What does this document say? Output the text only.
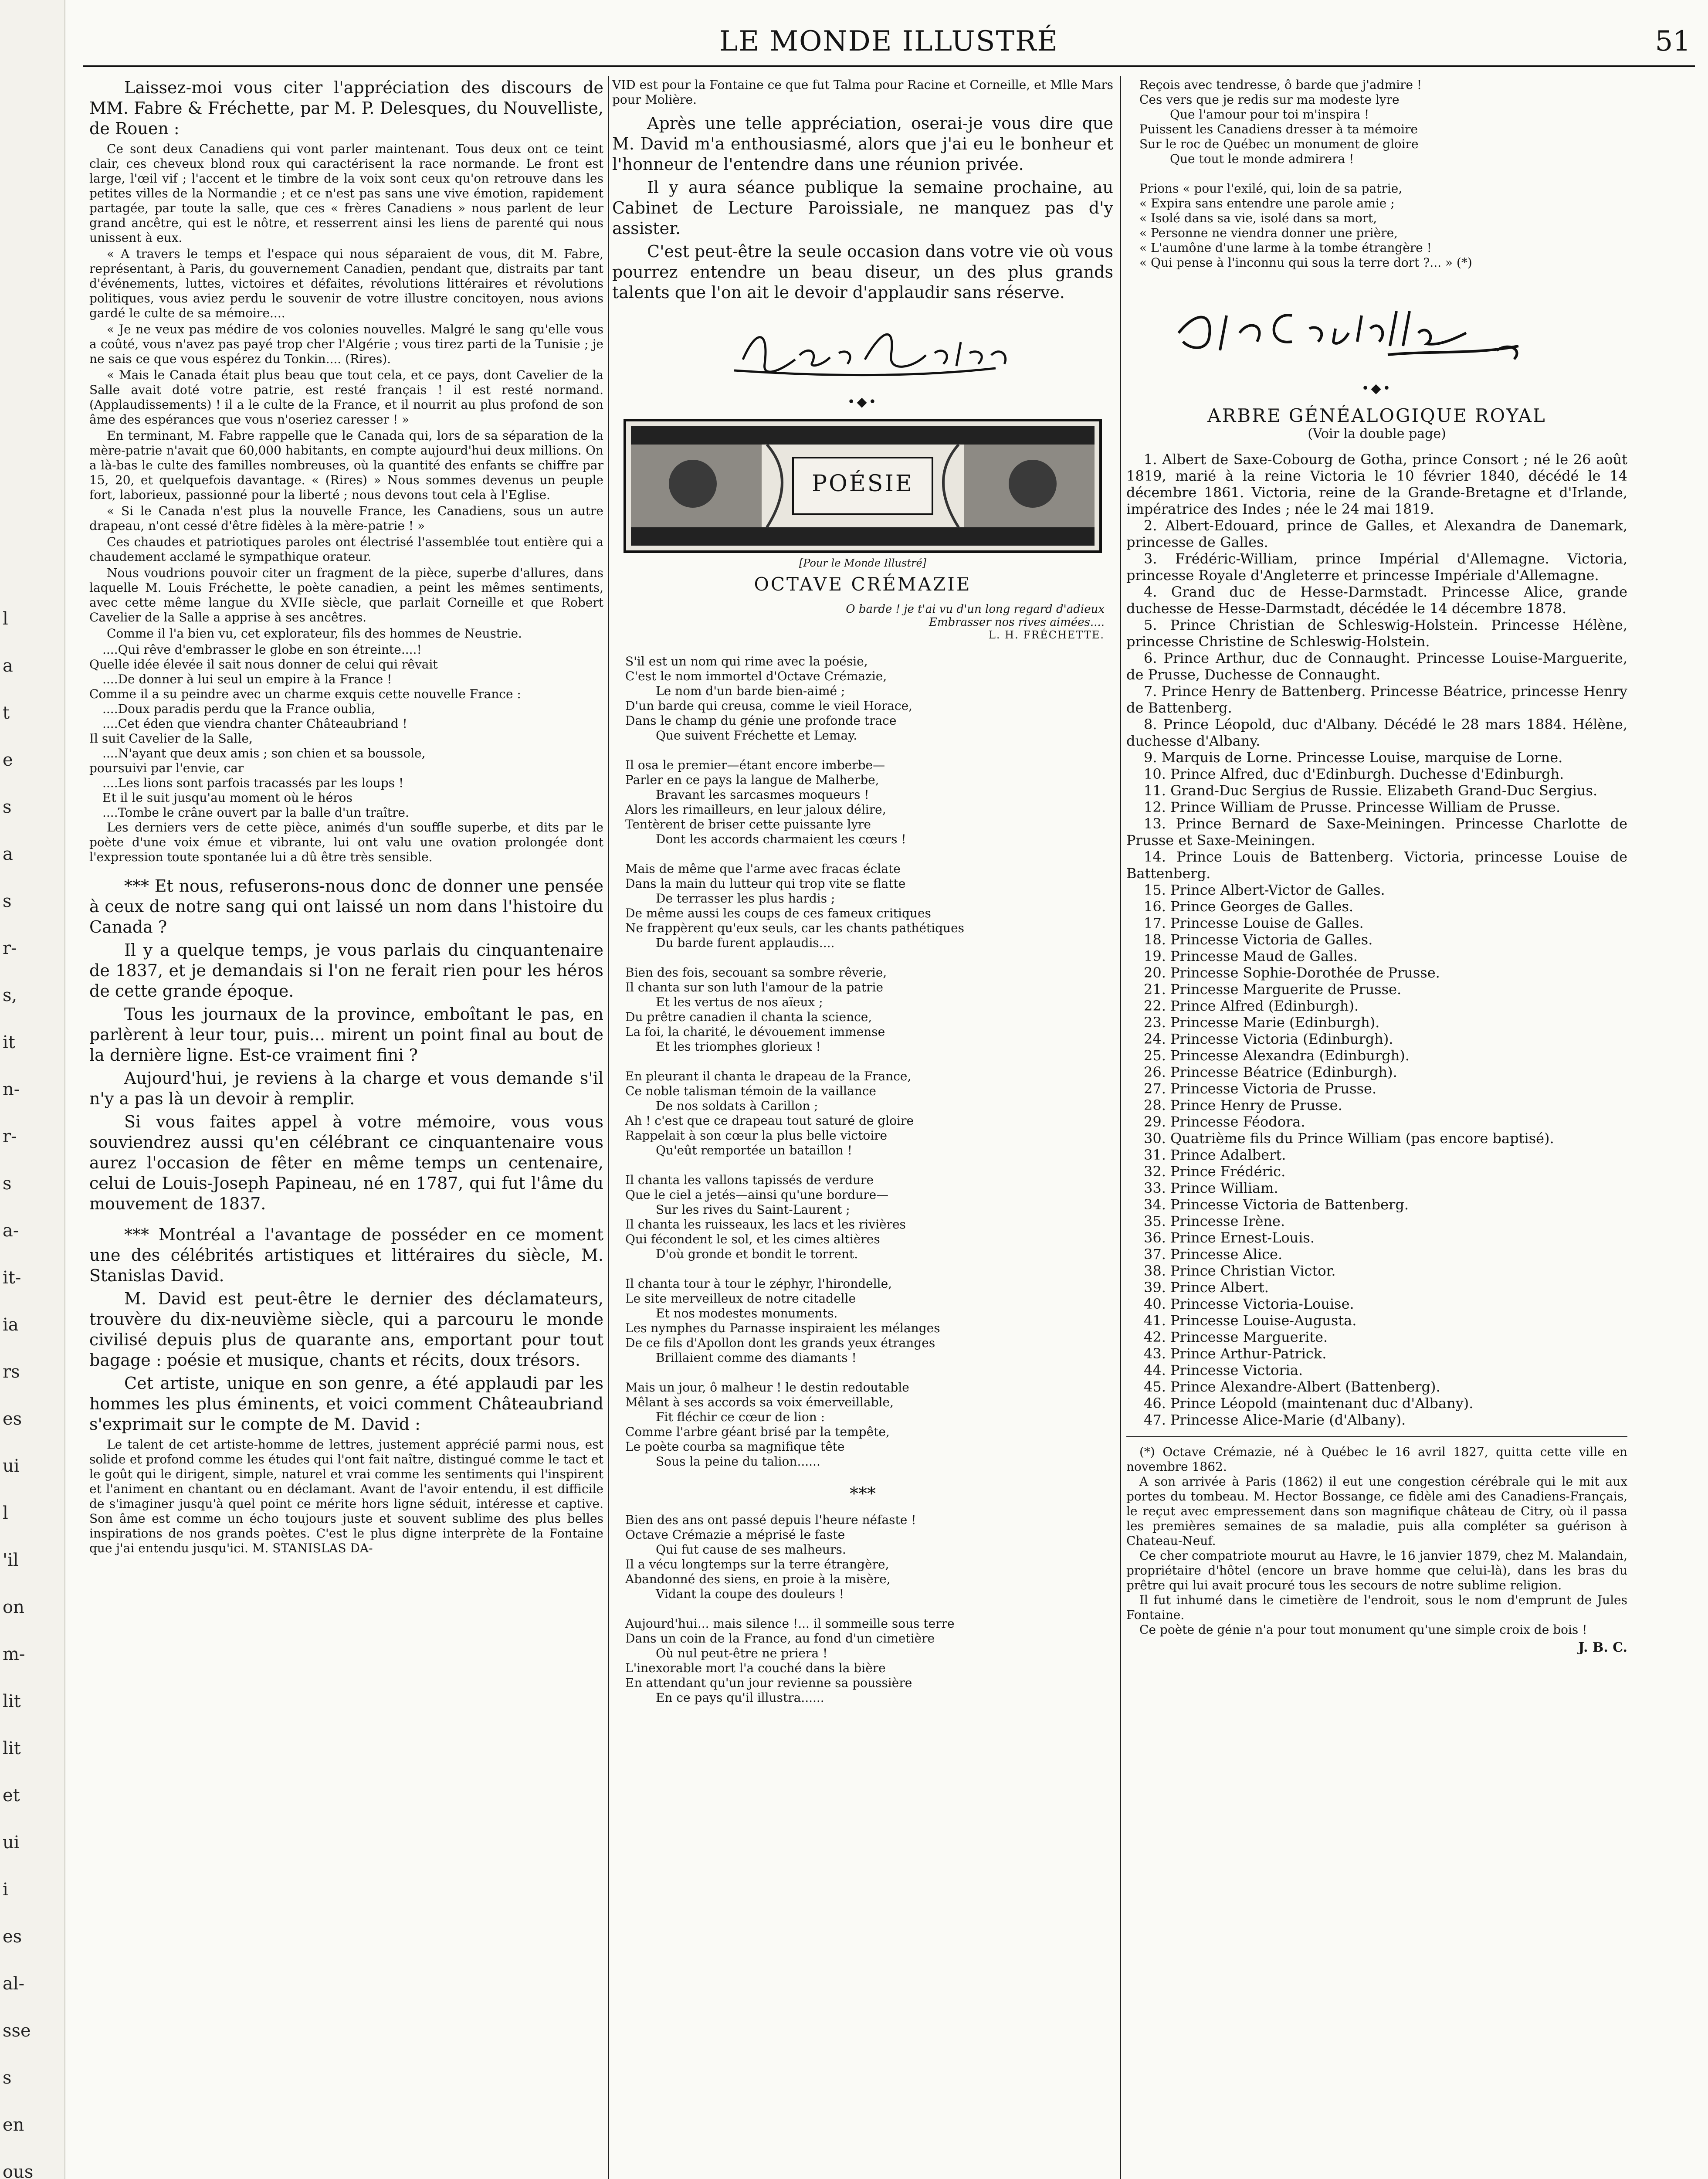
l
a
t
e
s
a
s
r-
s,
it
n-
r-
s
a-
it-
ia
rs
es
ui
l
'il
on
m-
lit
lit
et
ui
i
es
al-
sse
s
en
ous
LE MONDE ILLUSTRÉ	51

Laissez-moi vous citer l'appréciation des discours de MM. Fabre & Fréchette, par M. P. Delesques, du Nouvelliste, de Rouen :

Ce sont deux Canadiens qui vont parler maintenant. Tous deux ont ce teint clair, ces cheveux blond roux qui caractérisent la race normande. Le front est large, l'œil vif ; l'accent et le timbre de la voix sont ceux qu'on retrouve dans les petites villes de la Normandie ; et ce n'est pas sans une vive émotion, rapidement partagée, par toute la salle, que ces « frères Canadiens » nous parlent de leur grand ancêtre, qui est le nôtre, et resserrent ainsi les liens de parenté qui nous unissent à eux.

« A travers le temps et l'espace qui nous séparaient de vous, dit M. Fabre, représentant, à Paris, du gouvernement Canadien, pendant que, distraits par tant d'événements, luttes, victoires et défaites, révolutions littéraires et révolutions politiques, vous aviez perdu le souvenir de votre illustre concitoyen, nous avions gardé le culte de sa mémoire....

« Je ne veux pas médire de vos colonies nouvelles. Malgré le sang qu'elle vous a coûté, vous n'avez pas payé trop cher l'Algérie ; vous tirez parti de la Tunisie ; je ne sais ce que vous espérez du Tonkin.... (Rires).

« Mais le Canada était plus beau que tout cela, et ce pays, dont Cavelier de la Salle avait doté votre patrie, est resté français ! il est resté normand. (Applaudissements) ! il a le culte de la France, et il nourrit au plus profond de son âme des espérances que vous n'oseriez caresser ! »

En terminant, M. Fabre rappelle que le Canada qui, lors de sa séparation de la mère-patrie n'avait que 60,000 habitants, en compte aujourd'hui deux millions. On a là-bas le culte des familles nombreuses, où la quantité des enfants se chiffre par 15, 20, et quelquefois davantage. « (Rires) » Nous sommes devenus un peuple fort, laborieux, passionné pour la liberté ; nous devons tout cela à l'Eglise.

« Si le Canada n'est plus la nouvelle France, les Canadiens, sous un autre drapeau, n'ont cessé d'être fidèles à la mère-patrie ! »

Ces chaudes et patriotiques paroles ont électrisé l'assemblée tout entière qui a chaudement acclamé le sympathique orateur.

Nous voudrions pouvoir citer un fragment de la pièce, superbe d'allures, dans laquelle M. Louis Fréchette, le poète canadien, a peint les mêmes sentiments, avec cette même langue du XVIIe siècle, que parlait Corneille et que Robert Cavelier de la Salle a apprise à ses ancêtres.

Comme il l'a bien vu, cet explorateur, fils des hommes de Neustrie.

....Qui rêve d'embrasser le globe en son étreinte....!
Quelle idée élevée il sait nous donner de celui qui rêvait
....De donner à lui seul un empire à la France !
Comme il a su peindre avec un charme exquis cette nouvelle France :
....Doux paradis perdu que la France oublia,
....Cet éden que viendra chanter Châteaubriand !
Il suit Cavelier de la Salle,
....N'ayant que deux amis ; son chien et sa boussole,
poursuivi par l'envie, car
....Les lions sont parfois tracassés par les loups !
Et il le suit jusqu'au moment où le héros
....Tombe le crâne ouvert par la balle d'un traître.

Les derniers vers de cette pièce, animés d'un souffle superbe, et dits par le poète d'une voix émue et vibrante, lui ont valu une ovation prolongée dont l'expression toute spontanée lui a dû être très sensible.

*** Et nous, refuserons-nous donc de donner une pensée à ceux de notre sang qui ont laissé un nom dans l'histoire du Canada ?

Il y a quelque temps, je vous parlais du cinquantenaire de 1837, et je demandais si l'on ne ferait rien pour les héros de cette grande époque.

Tous les journaux de la province, emboîtant le pas, en parlèrent à leur tour, puis... mirent un point final au bout de la dernière ligne. Est-ce vraiment fini ?

Aujourd'hui, je reviens à la charge et vous demande s'il n'y a pas là un devoir à remplir.

Si vous faites appel à votre mémoire, vous vous souviendrez aussi qu'en célébrant ce cinquantenaire vous aurez l'occasion de fêter en même temps un centenaire, celui de Louis-Joseph Papineau, né en 1787, qui fut l'âme du mouvement de 1837.

*** Montréal a l'avantage de posséder en ce moment une des célébrités artistiques et littéraires du siècle, M. Stanislas David.

M. David est peut-être le dernier des déclamateurs, trouvère du dix-neuvième siècle, qui a parcouru le monde civilisé depuis plus de quarante ans, emportant pour tout bagage : poésie et musique, chants et récits, doux trésors.

Cet artiste, unique en son genre, a été applaudi par les hommes les plus éminents, et voici comment Châteaubriand s'exprimait sur le compte de M. David :

Le talent de cet artiste-homme de lettres, justement apprécié parmi nous, est solide et profond comme les études qui l'ont fait naître, distingué comme le tact et le goût qui le dirigent, simple, naturel et vrai comme les sentiments qui l'inspirent et l'animent en chantant ou en déclamant. Avant de l'avoir entendu, il est difficile de s'imaginer jusqu'à quel point ce mérite hors ligne séduit, intéresse et captive. Son âme est comme un écho toujours juste et souvent sublime des plus belles inspirations de nos grands poètes. C'est le plus digne interprète de la Fontaine que j'ai entendu jusqu'ici. M. STANISLAS DA-

VID est pour la Fontaine ce que fut Talma pour Racine et Corneille, et Mlle Mars pour Molière.

Après une telle appréciation, oserai-je vous dire que M. David m'a enthousiasmé, alors que j'ai eu le bonheur et l'honneur de l'entendre dans une réunion privée.

Il y aura séance publique la semaine prochaine, au Cabinet de Lecture Paroissiale, ne manquez pas d'y assister.

C'est peut-être la seule occasion dans votre vie où vous pourrez entendre un beau diseur, un des plus grands talents que l'on ait le devoir d'applaudir sans réserve.

•◆•
POÉSIE
[Pour le Monde Illustré]
OCTAVE CRÉMAZIE
O barde ! je t'ai vu d'un long regard d'adieux
Embrasser nos rives aimées....
L. H. FRÉCHETTE.
S'il est un nom qui rime avec la poésie,
C'est le nom immortel d'Octave Crémazie,
Le nom d'un barde bien-aimé ;
D'un barde qui creusa, comme le vieil Horace,
Dans le champ du génie une profonde trace
Que suivent Fréchette et Lemay.
Il osa le premier—étant encore imberbe—
Parler en ce pays la langue de Malherbe,
Bravant les sarcasmes moqueurs !
Alors les rimailleurs, en leur jaloux délire,
Tentèrent de briser cette puissante lyre
Dont les accords charmaient les cœurs !
Mais de même que l'arme avec fracas éclate
Dans la main du lutteur qui trop vite se flatte
De terrasser les plus hardis ;
De même aussi les coups de ces fameux critiques
Ne frappèrent qu'eux seuls, car les chants pathétiques
Du barde furent applaudis....
Bien des fois, secouant sa sombre rêverie,
Il chanta sur son luth l'amour de la patrie
Et les vertus de nos aïeux ;
Du prêtre canadien il chanta la science,
La foi, la charité, le dévouement immense
Et les triomphes glorieux !
En pleurant il chanta le drapeau de la France,
Ce noble talisman témoin de la vaillance
De nos soldats à Carillon ;
Ah ! c'est que ce drapeau tout saturé de gloire
Rappelait à son cœur la plus belle victoire
Qu'eût remportée un bataillon !
Il chanta les vallons tapissés de verdure
Que le ciel a jetés—ainsi qu'une bordure—
Sur les rives du Saint-Laurent ;
Il chanta les ruisseaux, les lacs et les rivières
Qui fécondent le sol, et les cimes altières
D'où gronde et bondit le torrent.
Il chanta tour à tour le zéphyr, l'hirondelle,
Le site merveilleux de notre citadelle
Et nos modestes monuments.
Les nymphes du Parnasse inspiraient les mélanges
De ce fils d'Apollon dont les grands yeux étranges
Brillaient comme des diamants !
Mais un jour, ô malheur ! le destin redoutable
Mêlant à ses accords sa voix émerveillable,
Fit fléchir ce cœur de lion :
Comme l'arbre géant brisé par la tempête,
Le poète courba sa magnifique tête
Sous la peine du talion......
***
Bien des ans ont passé depuis l'heure néfaste !
Octave Crémazie a méprisé le faste
Qui fut cause de ses malheurs.
Il a vécu longtemps sur la terre étrangère,
Abandonné des siens, en proie à la misère,
Vidant la coupe des douleurs !
Aujourd'hui... mais silence !... il sommeille sous terre
Dans un coin de la France, au fond d'un cimetière
Où nul peut-être ne priera !
L'inexorable mort l'a couché dans la bière
En attendant qu'un jour revienne sa poussière
En ce pays qu'il illustra......
Reçois avec tendresse, ô barde que j'admire !
Ces vers que je redis sur ma modeste lyre
Que l'amour pour toi m'inspira !
Puissent les Canadiens dresser à ta mémoire
Sur le roc de Québec un monument de gloire
Que tout le monde admirera !
Prions « pour l'exilé, qui, loin de sa patrie,
« Expira sans entendre une parole amie ;
« Isolé dans sa vie, isolé dans sa mort,
« Personne ne viendra donner une prière,
« L'aumône d'une larme à la tombe étrangère !
« Qui pense à l'inconnu qui sous la terre dort ?... » (*)
•◆•
ARBRE GÉNÉALOGIQUE ROYAL
(Voir la double page)

1. Albert de Saxe-Cobourg de Gotha, prince Consort ; né le 26 août 1819, marié à la reine Victoria le 10 février 1840, décédé le 14 décembre 1861. Victoria, reine de la Grande-Bretagne et d'Irlande, impératrice des Indes ; née le 24 mai 1819.

2. Albert-Edouard, prince de Galles, et Alexandra de Danemark, princesse de Galles.

3. Frédéric-William, prince Impérial d'Allemagne. Victoria, princesse Royale d'Angleterre et princesse Impériale d'Allemagne.

4. Grand duc de Hesse-Darmstadt. Princesse Alice, grande duchesse de Hesse-Darmstadt, décédée le 14 décembre 1878.

5. Prince Christian de Schleswig-Holstein. Princesse Hélène, princesse Christine de Schleswig-Holstein.

6. Prince Arthur, duc de Connaught. Princesse Louise-Marguerite, de Prusse, Duchesse de Connaught.

7. Prince Henry de Battenberg. Princesse Béatrice, princesse Henry de Battenberg.

8. Prince Léopold, duc d'Albany. Décédé le 28 mars 1884. Hélène, duchesse d'Albany.

9. Marquis de Lorne. Princesse Louise, marquise de Lorne.

10. Prince Alfred, duc d'Edinburgh. Duchesse d'Edinburgh.

11. Grand-Duc Sergius de Russie. Elizabeth Grand-Duc Sergius.

12. Prince William de Prusse. Princesse William de Prusse.

13. Prince Bernard de Saxe-Meiningen. Princesse Charlotte de Prusse et Saxe-Meiningen.

14. Prince Louis de Battenberg. Victoria, princesse Louise de Battenberg.

15. Prince Albert-Victor de Galles.
16. Prince Georges de Galles.
17. Princesse Louise de Galles.
18. Princesse Victoria de Galles.
19. Princesse Maud de Galles.
20. Princesse Sophie-Dorothée de Prusse.
21. Princesse Marguerite de Prusse.
22. Prince Alfred (Edinburgh).
23. Princesse Marie (Edinburgh).
24. Princesse Victoria (Edinburgh).
25. Princesse Alexandra (Edinburgh).
26. Princesse Béatrice (Edinburgh).
27. Princesse Victoria de Prusse.
28. Prince Henry de Prusse.
29. Princesse Féodora.
30. Quatrième fils du Prince William (pas encore baptisé).
31. Prince Adalbert.
32. Prince Frédéric.
33. Prince William.
34. Princesse Victoria de Battenberg.
35. Princesse Irène.
36. Prince Ernest-Louis.
37. Princesse Alice.
38. Prince Christian Victor.
39. Prince Albert.
40. Princesse Victoria-Louise.
41. Princesse Louise-Augusta.
42. Princesse Marguerite.
43. Prince Arthur-Patrick.
44. Princesse Victoria.
45. Prince Alexandre-Albert (Battenberg).
46. Prince Léopold (maintenant duc d'Albany).
47. Princesse Alice-Marie (d'Albany).

(*) Octave Crémazie, né à Québec le 16 avril 1827, quitta cette ville en novembre 1862.

A son arrivée à Paris (1862) il eut une congestion cérébrale qui le mit aux portes du tombeau. M. Hector Bossange, ce fidèle ami des Canadiens-Français, le reçut avec empressement dans son magnifique château de Citry, où il passa les premières semaines de sa maladie, puis alla compléter sa guérison à Chateau-Neuf.

Ce cher compatriote mourut au Havre, le 16 janvier 1879, chez M. Malandain, propriétaire d'hôtel (encore un brave homme que celui-là), dans les bras du prêtre qui lui avait procuré tous les secours de notre sublime religion.

Il fut inhumé dans le cimetière de l'endroit, sous le nom d'emprunt de Jules Fontaine.

Ce poète de génie n'a pour tout monument qu'une simple croix de bois !

J. B. C.
